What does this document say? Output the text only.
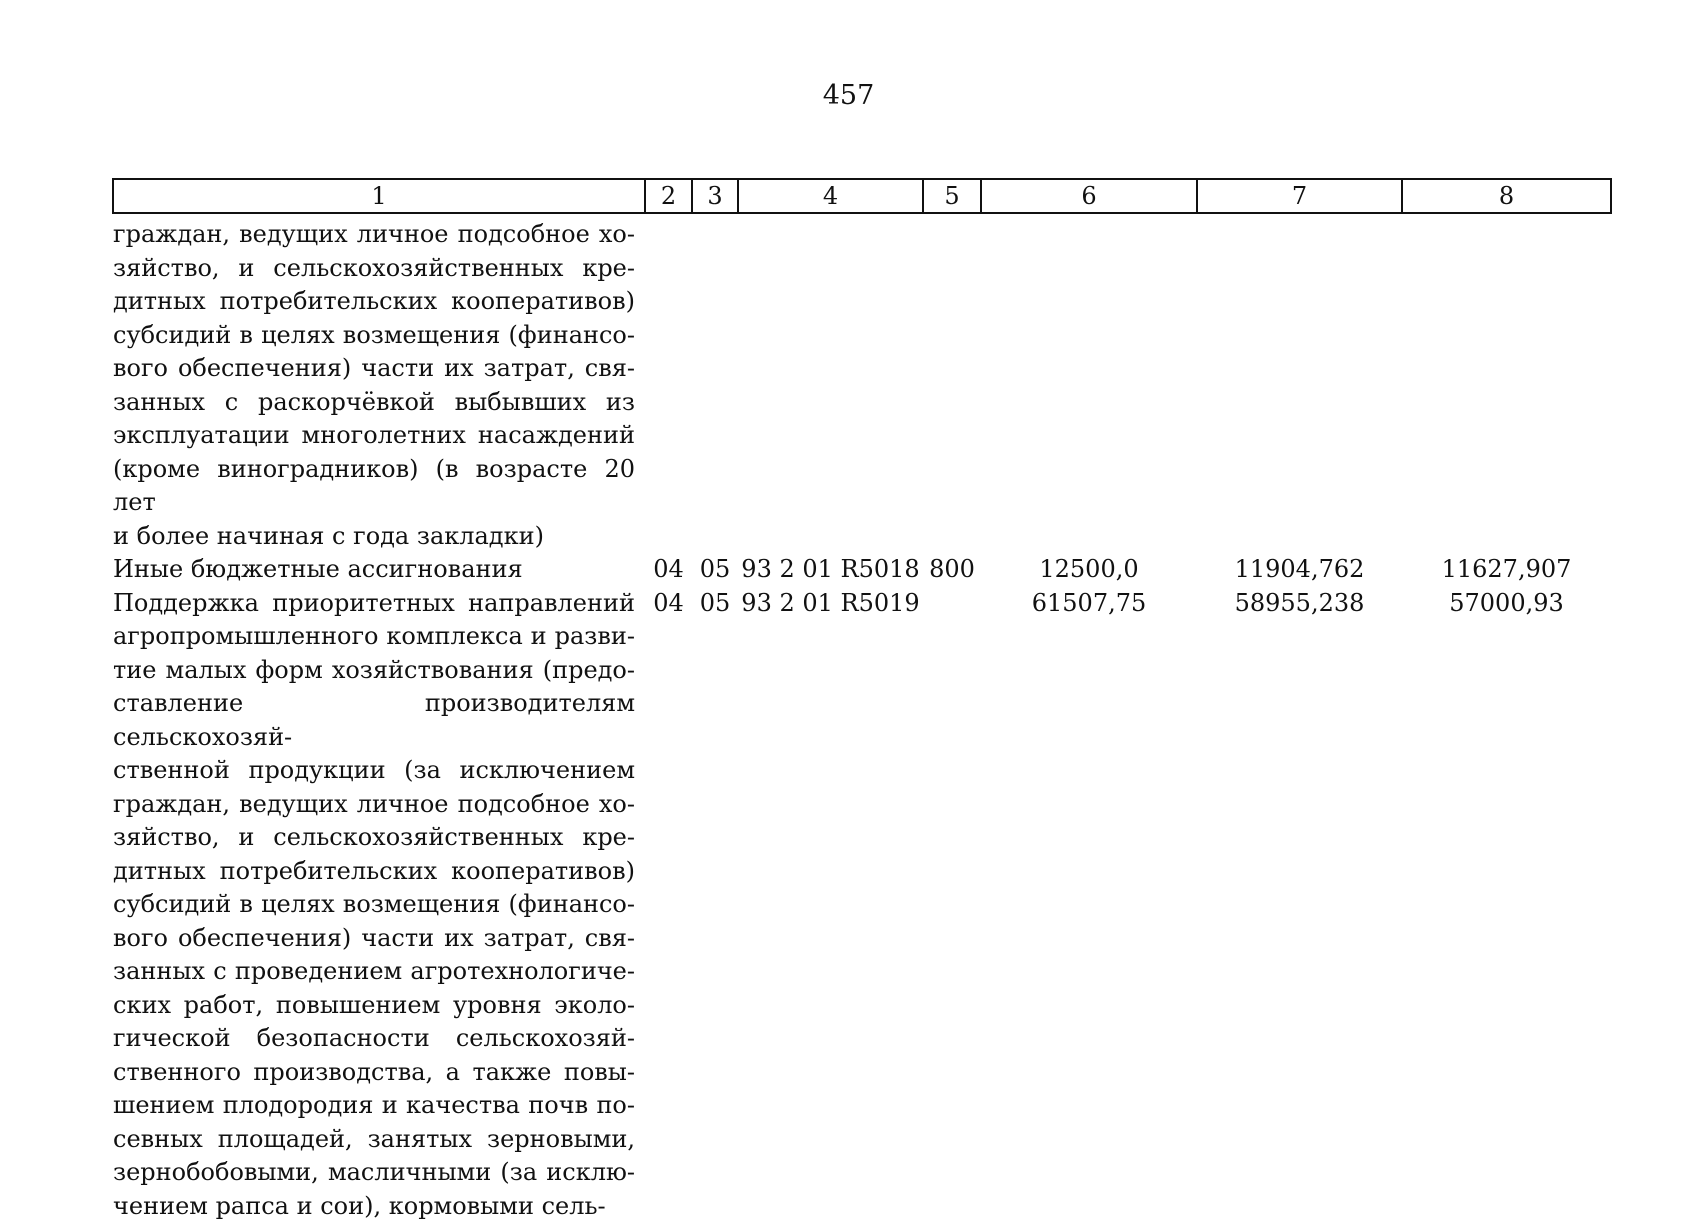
457
1	2	3	4	5	6	7	8

граждан, ведущих личное подсобное хо-							
зяйство, и сельскохозяйственных кре-							
дитных потребительских кооперативов)							
субсидий в целях возмещения (финансо-							
вого обеспечения) части их затрат, свя-							
занных с раскорчёвкой выбывших из							
эксплуатации многолетних насаждений							
(кроме виноградников) (в возрасте 20 лет							
и более начиная с года закладки)							
Иные бюджетные ассигнования	04	05	93 2 01 R5018	800	12500,0	11904,762	11627,907
Поддержка приоритетных направлений	04	05	93 2 01 R5019		61507,75	58955,238	57000,93
агропромышленного комплекса и разви-							
тие малых форм хозяйствования (предо-							
ставление производителям сельскохозяй-							
ственной продукции (за исключением							
граждан, ведущих личное подсобное хо-							
зяйство, и сельскохозяйственных кре-							
дитных потребительских кооперативов)							
субсидий в целях возмещения (финансо-							
вого обеспечения) части их затрат, свя-							
занных с проведением агротехнологиче-							
ских работ, повышением уровня эколо-							
гической безопасности сельскохозяй-							
ственного производства, а также повы-							
шением плодородия и качества почв по-							
севных площадей, занятых зерновыми,							
зернобобовыми, масличными (за исклю-							
чением рапса и сои), кормовыми сель-							
